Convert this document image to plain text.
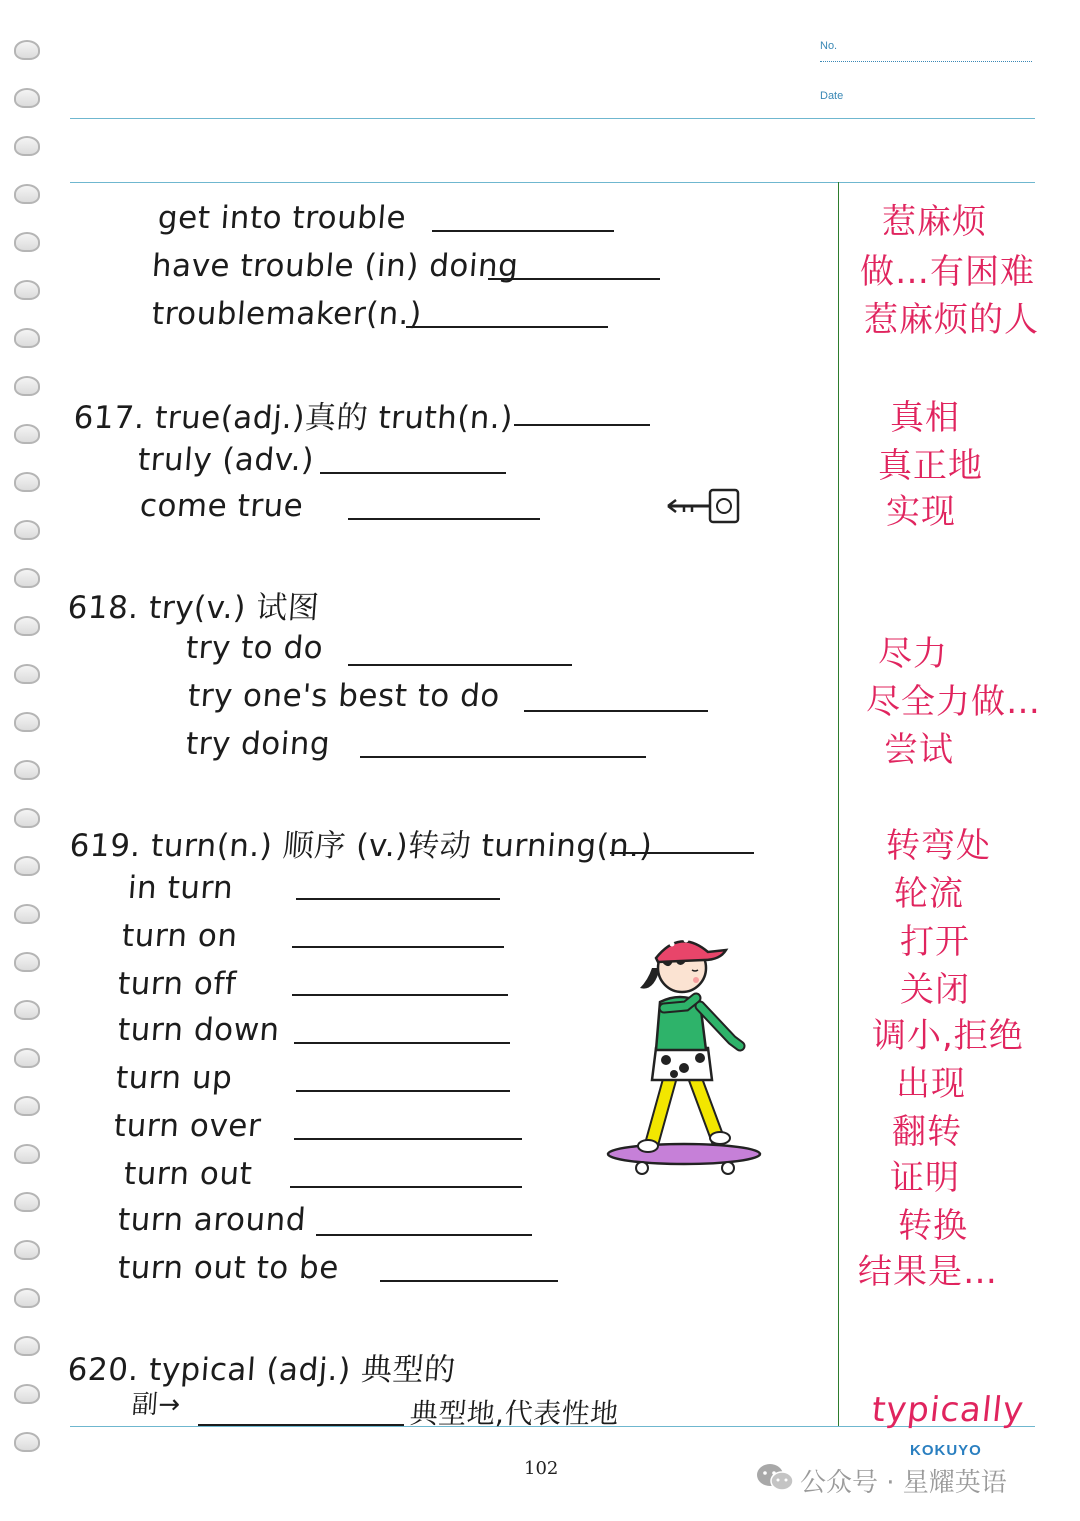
No.
Date
get into trouble
have trouble (in) doing
troublemaker(n.)
惹麻烦
做…有困难
惹麻烦的人
617. true(adj.)真的 truth(n.)
truly (adv.)
come true
真相
真正地
实现
618. try(v.) 试图
try to do
try one's best to do
try doing
尽力
尽全力做…
尝试
619. turn(n.) 顺序 (v.)转动 turning(n.)
in turn
turn on
turn off
turn down
turn up
turn over
turn out
turn around
turn out to be
转弯处
轮流
打开
关闭
调小,拒绝
出现
翻转
证明
转换
结果是…
620. typical (adj.) 典型的
副→	典型地,代表性地	typically
102
KOKUYO
公众号 · 星耀英语
